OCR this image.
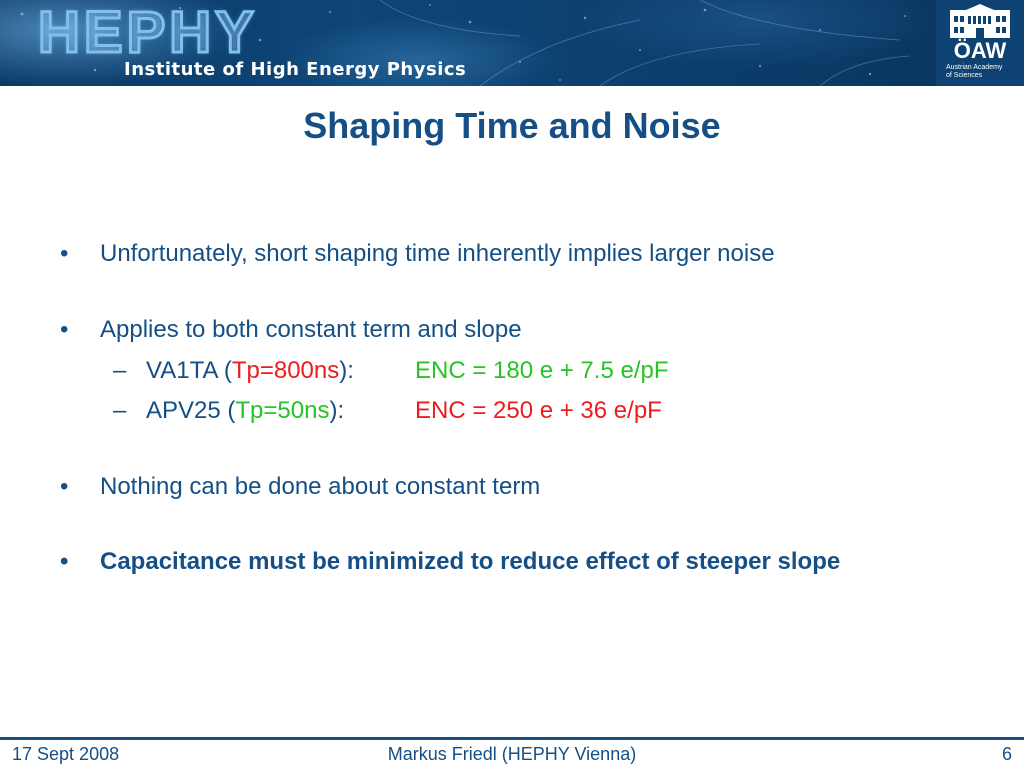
HEPHY
Institute of High Energy Physics
ÖAW
Austrian Academy
of Sciences
Shaping Time and Noise
• Unfortunately, short shaping time inherently implies larger noise
• Applies to both constant term and slope
– VA1TA (Tp=800ns):	ENC = 180 e + 7.5 e/pF
– APV25 (Tp=50ns):	ENC = 250 e + 36 e/pF
• Nothing can be done about constant term
• Capacitance must be minimized to reduce effect of steeper slope
17 Sept 2008	Markus Friedl (HEPHY Vienna)	6
